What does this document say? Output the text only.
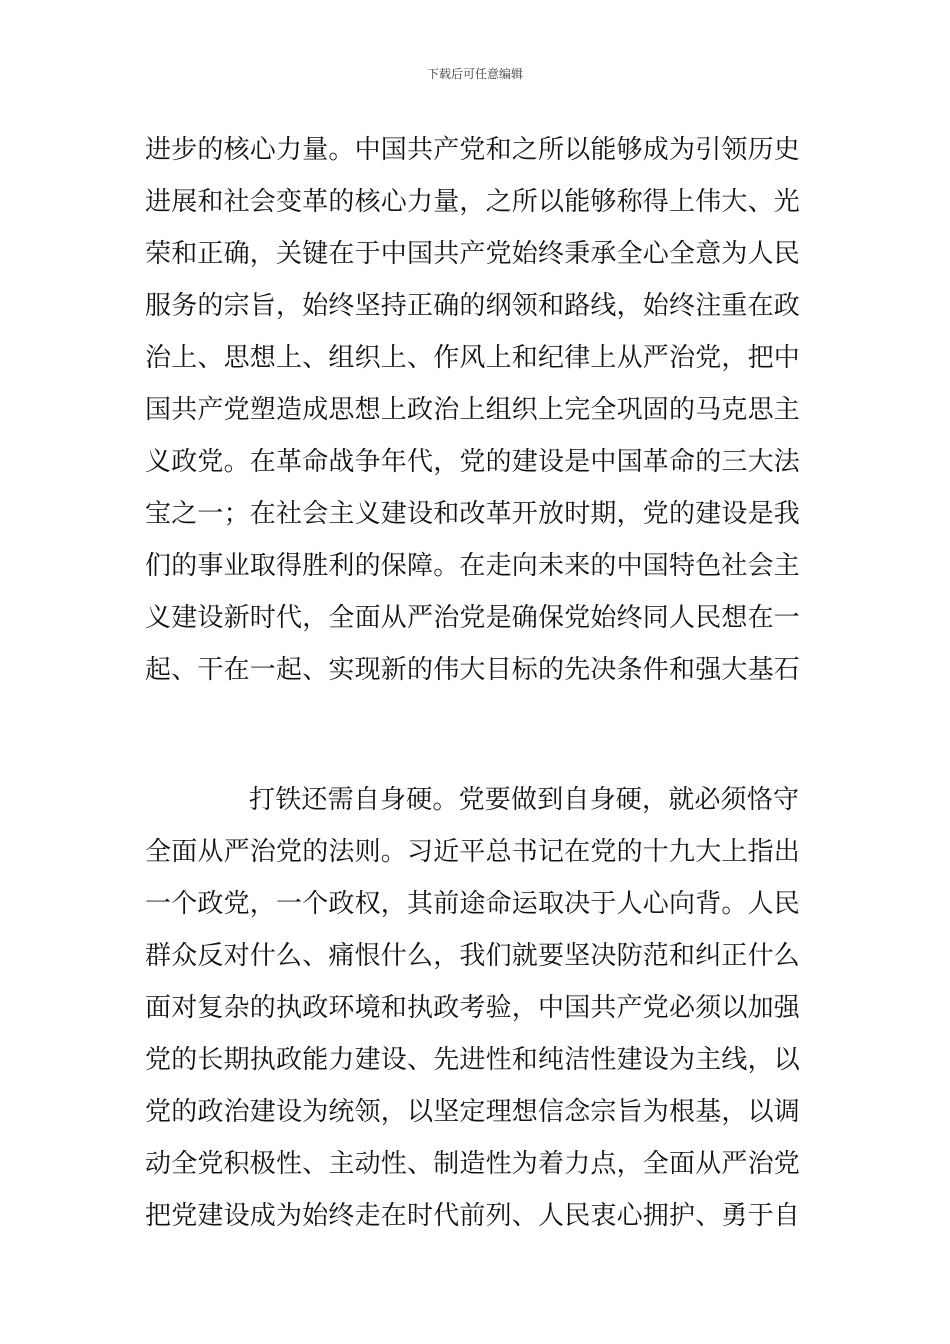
下载后可任意编辑
进步的核心力量。中国共产党和之所以能够成为引领历史
进展和社会变革的核心力量，之所以能够称得上伟大、光
荣和正确，关键在于中国共产党始终秉承全心全意为人民
服务的宗旨，始终坚持正确的纲领和路线，始终注重在政
治上、思想上、组织上、作风上和纪律上从严治党，把中
国共产党塑造成思想上政治上组织上完全巩固的马克思主
义政党。在革命战争年代，党的建设是中国革命的三大法
宝之一；在社会主义建设和改革开放时期，党的建设是我
们的事业取得胜利的保障。在走向未来的中国特色社会主
义建设新时代，全面从严治党是确保党始终同人民想在一
起、干在一起、实现新的伟大目标的先决条件和强大基石
打铁还需自身硬。党要做到自身硬，就必须恪守
全面从严治党的法则。习近平总书记在党的十九大上指出
一个政党，一个政权，其前途命运取决于人心向背。人民
群众反对什么、痛恨什么，我们就要坚决防范和纠正什么
面对复杂的执政环境和执政考验，中国共产党必须以加强
党的长期执政能力建设、先进性和纯洁性建设为主线，以
党的政治建设为统领，以坚定理想信念宗旨为根基，以调
动全党积极性、主动性、制造性为着力点，全面从严治党
把党建设成为始终走在时代前列、人民衷心拥护、勇于自
